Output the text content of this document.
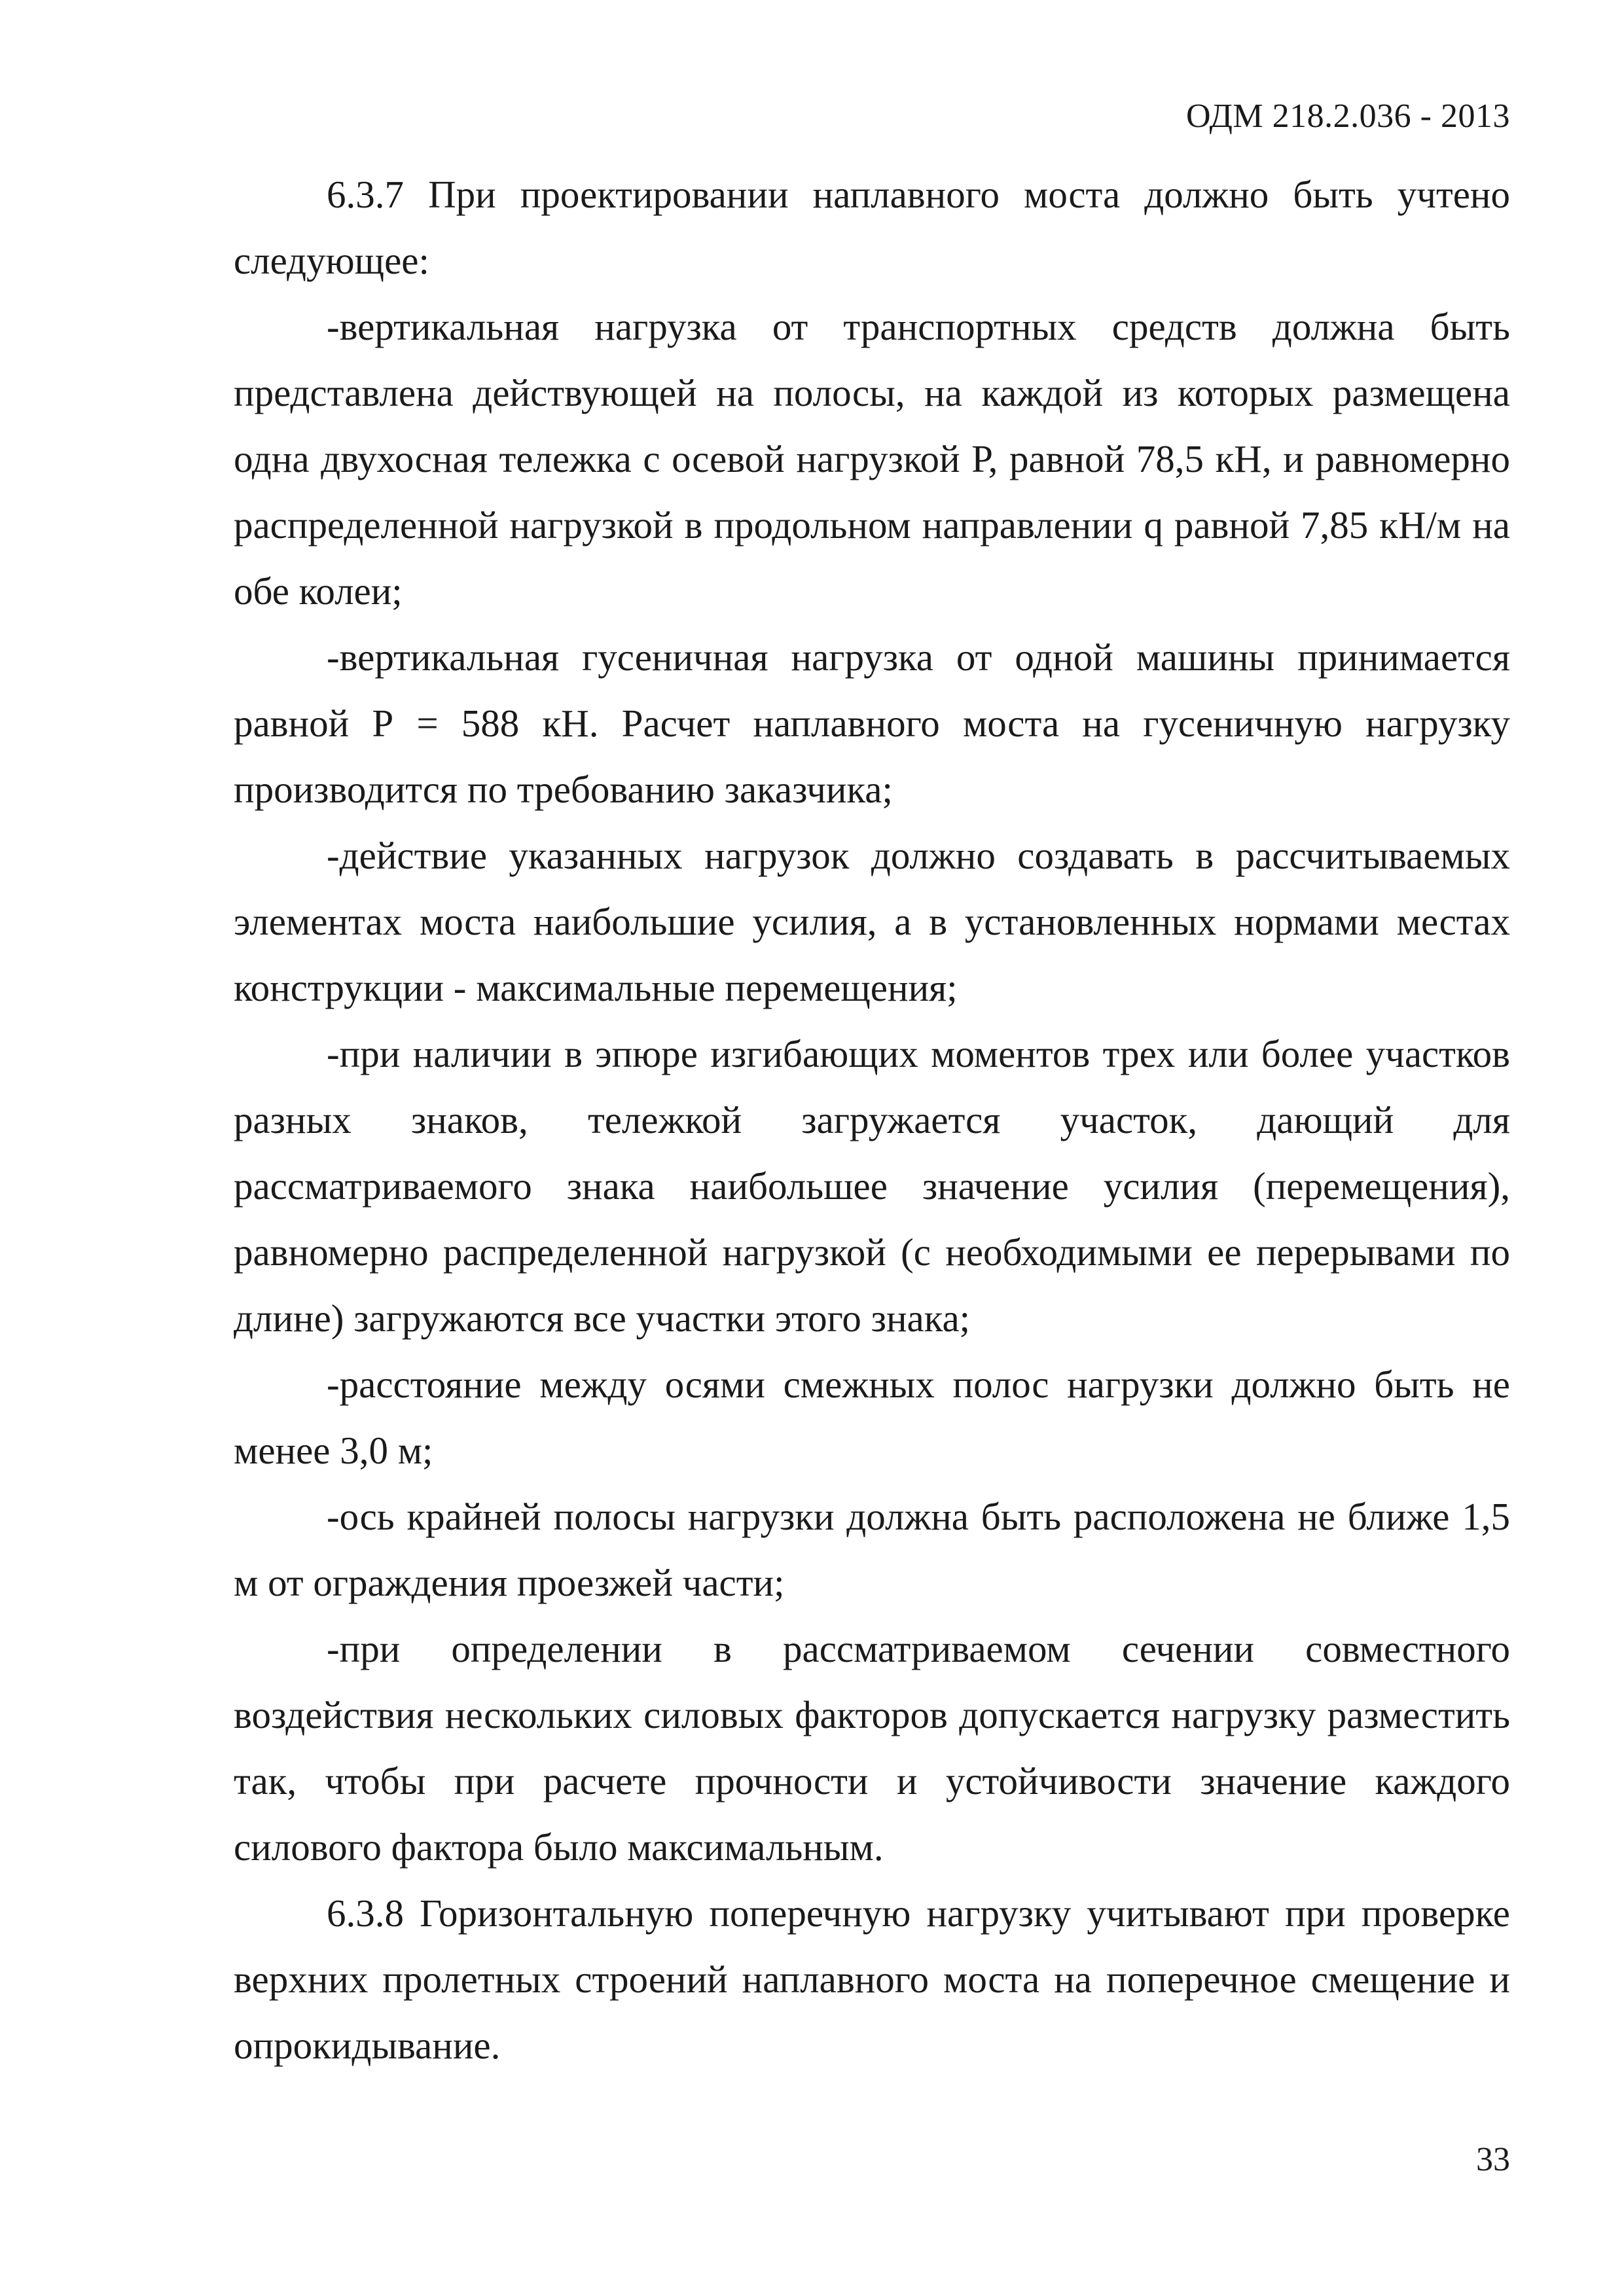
ОДМ 218.2.036 - 2013

6.3.7 При проектировании наплавного моста должно быть учтено следующее:

-вертикальная нагрузка от транспортных средств должна быть представлена действующей на полосы, на каждой из которых размещена одна двухосная тележка с осевой нагрузкой Р, равной 78,5 кН, и равномерно распределенной нагрузкой в продольном направлении q равной 7,85 кН/м на обе колеи;

-вертикальная гусеничная нагрузка от одной машины принимается равной Р = 588 кН. Расчет наплавного моста на гусеничную нагрузку производится по требованию заказчика;

-действие указанных нагрузок должно создавать в рассчитываемых элементах моста наибольшие усилия, а в установленных нормами местах конструкции - максимальные перемещения;

-при наличии в эпюре изгибающих моментов трех или более участков разных знаков, тележкой загружается участок, дающий для рассматриваемого знака наибольшее значение усилия (перемещения), равномерно распределенной нагрузкой (с необходимыми ее перерывами по длине) загружаются все участки этого знака;

-расстояние между осями смежных полос нагрузки должно быть не менее 3,0 м;

-ось крайней полосы нагрузки должна быть расположена не ближе 1,5 м от ограждения проезжей части;

-при определении в рассматриваемом сечении совместного воздействия нескольких силовых факторов допускается нагрузку разместить так, чтобы при расчете прочности и устойчивости значение каждого силового фактора было максимальным.

6.3.8 Горизонтальную поперечную нагрузку учитывают при проверке верхних пролетных строений наплавного моста на поперечное смещение и опрокидывание.

33
